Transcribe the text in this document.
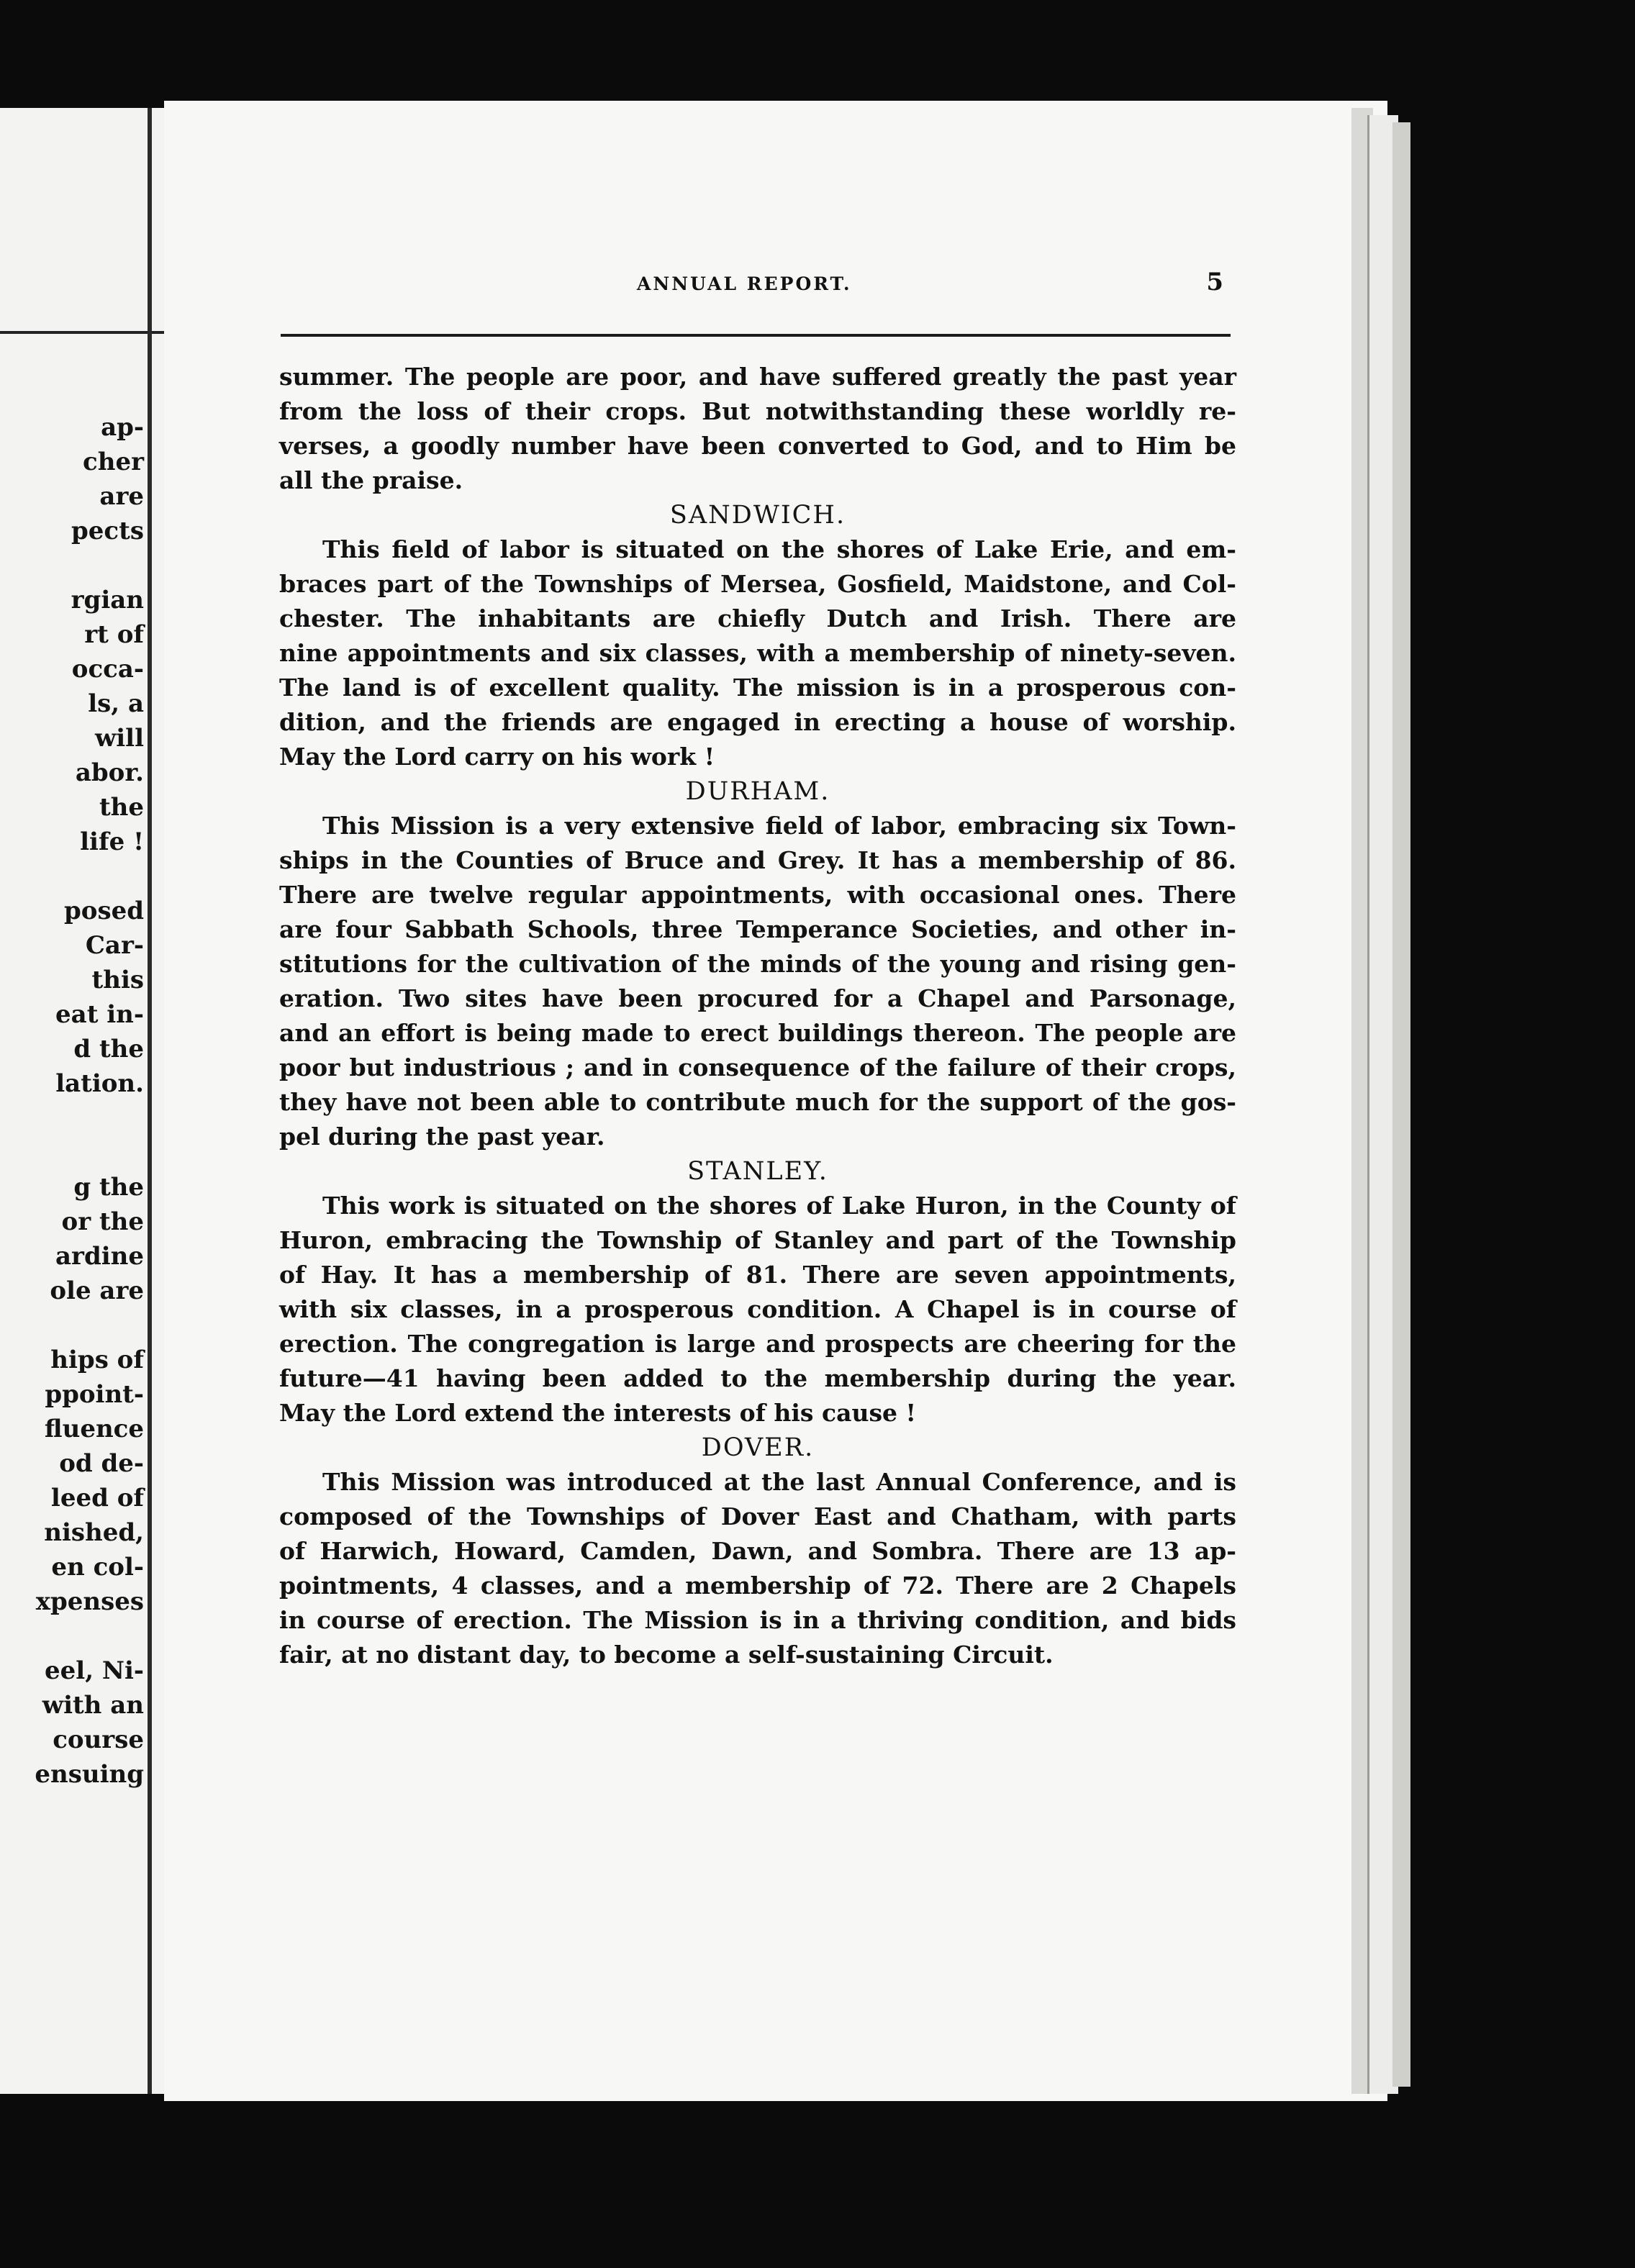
ap-
cher
are
pects
rgian
rt of
occa-
ls, a
will
abor.
the
life !
posed
Car-
this
eat in-
d the
lation.
g the
or the
ardine
ole are
hips of
ppoint-
fluence
od de-
leed of
nished,
en col-
xpenses
eel, Ni-
with an
course
ensuing
ANNUAL REPORT.	5
summer. The people are poor, and have suffered greatly the past year
from the loss of their crops. But notwithstanding these worldly re-
verses, a goodly number have been converted to God, and to Him be
all the praise.
SANDWICH.
This field of labor is situated on the shores of Lake Erie, and em-
braces part of the Townships of Mersea, Gosfield, Maidstone, and Col-
chester. The inhabitants are chiefly Dutch and Irish. There are
nine appointments and six classes, with a membership of ninety-seven.
The land is of excellent quality. The mission is in a prosperous con-
dition, and the friends are engaged in erecting a house of worship.
May the Lord carry on his work !
DURHAM.
This Mission is a very extensive field of labor, embracing six Town-
ships in the Counties of Bruce and Grey. It has a membership of 86.
There are twelve regular appointments, with occasional ones. There
are four Sabbath Schools, three Temperance Societies, and other in-
stitutions for the cultivation of the minds of the young and rising gen-
eration. Two sites have been procured for a Chapel and Parsonage,
and an effort is being made to erect buildings thereon. The people are
poor but industrious ; and in consequence of the failure of their crops,
they have not been able to contribute much for the support of the gos-
pel during the past year.
STANLEY.
This work is situated on the shores of Lake Huron, in the County of
Huron, embracing the Township of Stanley and part of the Township
of Hay. It has a membership of 81. There are seven appointments,
with six classes, in a prosperous condition. A Chapel is in course of
erection. The congregation is large and prospects are cheering for the
future—41 having been added to the membership during the year.
May the Lord extend the interests of his cause !
DOVER.
This Mission was introduced at the last Annual Conference, and is
composed of the Townships of Dover East and Chatham, with parts
of Harwich, Howard, Camden, Dawn, and Sombra. There are 13 ap-
pointments, 4 classes, and a membership of 72. There are 2 Chapels
in course of erection. The Mission is in a thriving condition, and bids
fair, at no distant day, to become a self-sustaining Circuit.
